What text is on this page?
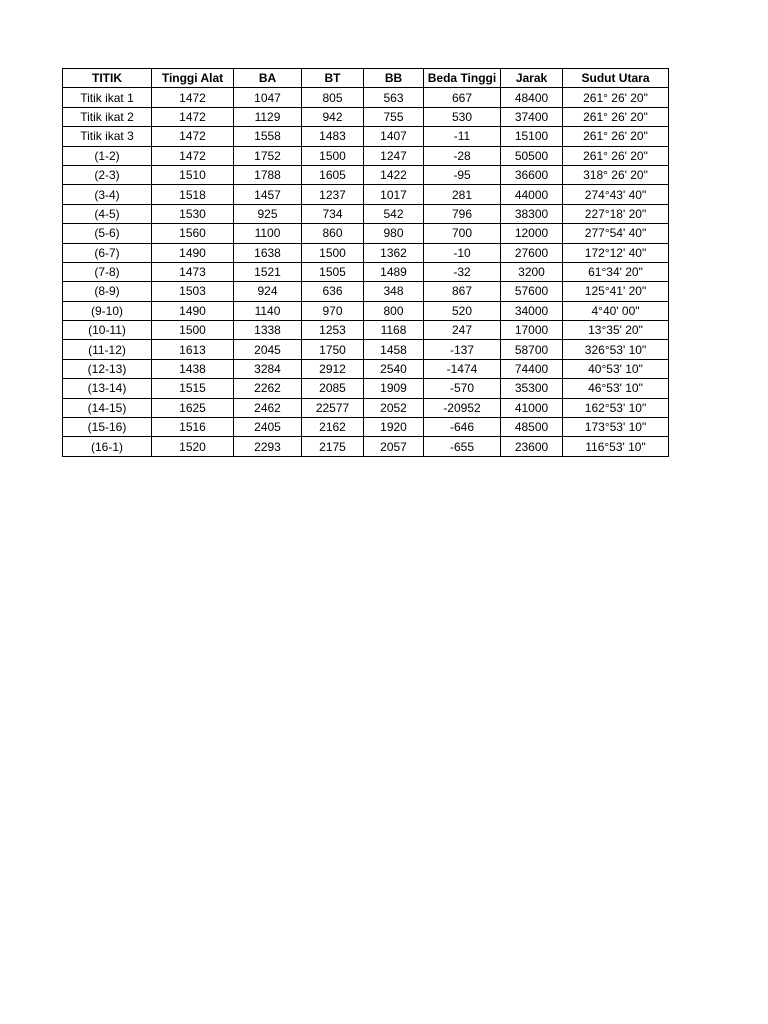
TITIK	Tinggi Alat	BA	BT	BB	Beda Tinggi	Jarak	Sudut Utara
Titik ikat 1	1472	1047	805	563	667	48400	261° 26' 20"
Titik ikat 2	1472	1129	942	755	530	37400	261° 26' 20"
Titik ikat 3	1472	1558	1483	1407	-11	15100	261° 26' 20"
(1-2)	1472	1752	1500	1247	-28	50500	261° 26' 20"
(2-3)	1510	1788	1605	1422	-95	36600	318° 26' 20"
(3-4)	1518	1457	1237	1017	281	44000	274°43' 40"
(4-5)	1530	925	734	542	796	38300	227°18' 20"
(5-6)	1560	1100	860	980	700	12000	277°54' 40"
(6-7)	1490	1638	1500	1362	-10	27600	172°12' 40"
(7-8)	1473	1521	1505	1489	-32	3200	61°34' 20"
(8-9)	1503	924	636	348	867	57600	125°41' 20"
(9-10)	1490	1140	970	800	520	34000	4°40' 00"
(10-11)	1500	1338	1253	1168	247	17000	13°35' 20"
(11-12)	1613	2045	1750	1458	-137	58700	326°53' 10"
(12-13)	1438	3284	2912	2540	-1474	74400	40°53' 10"
(13-14)	1515	2262	2085	1909	-570	35300	46°53' 10"
(14-15)	1625	2462	22577	2052	-20952	41000	162°53' 10"
(15-16)	1516	2405	2162	1920	-646	48500	173°53' 10"
(16-1)	1520	2293	2175	2057	-655	23600	116°53' 10"
